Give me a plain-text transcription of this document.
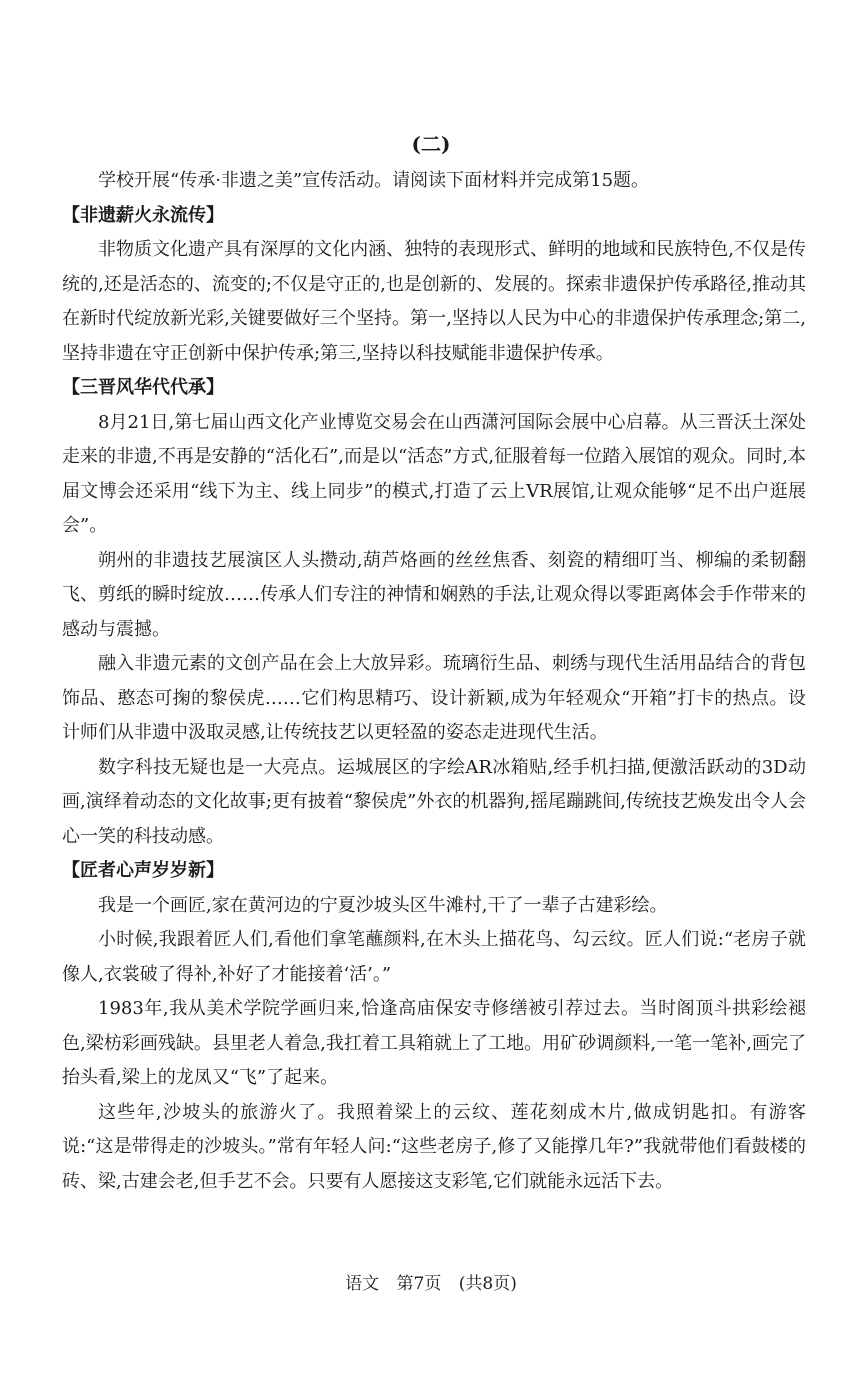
(二)

学校开展“传承·非遗之美”宣传活动。请阅读下面材料并完成第15题。

【非遗薪火永流传】

非物质文化遗产具有深厚的文化内涵、独特的表现形式、鲜明的地域和民族特色,不仅是传统的,还是活态的、流变的;不仅是守正的,也是创新的、发展的。探索非遗保护传承路径,推动其在新时代绽放新光彩,关键要做好三个坚持。第一,坚持以人民为中心的非遗保护传承理念;第二,坚持非遗在守正创新中保护传承;第三,坚持以科技赋能非遗保护传承。

【三晋风华代代承】

8月21日,第七届山西文化产业博览交易会在山西潇河国际会展中心启幕。从三晋沃土深处走来的非遗,不再是安静的“活化石”,而是以“活态”方式,征服着每一位踏入展馆的观众。同时,本届文博会还采用“线下为主、线上同步”的模式,打造了云上VR展馆,让观众能够“足不出户逛展会”。

朔州的非遗技艺展演区人头攒动,葫芦烙画的丝丝焦香、刻瓷的精细叮当、柳编的柔韧翻飞、剪纸的瞬时绽放……传承人们专注的神情和娴熟的手法,让观众得以零距离体会手作带来的感动与震撼。

融入非遗元素的文创产品在会上大放异彩。琉璃衍生品、刺绣与现代生活用品结合的背包饰品、憨态可掬的黎侯虎……它们构思精巧、设计新颖,成为年轻观众“开箱”打卡的热点。设计师们从非遗中汲取灵感,让传统技艺以更轻盈的姿态走进现代生活。

数字科技无疑也是一大亮点。运城展区的字绘AR冰箱贴,经手机扫描,便激活跃动的3D动画,演绎着动态的文化故事;更有披着“黎侯虎”外衣的机器狗,摇尾蹦跳间,传统技艺焕发出令人会心一笑的科技动感。

【匠者心声岁岁新】

我是一个画匠,家在黄河边的宁夏沙坡头区牛滩村,干了一辈子古建彩绘。

小时候,我跟着匠人们,看他们拿笔蘸颜料,在木头上描花鸟、勾云纹。匠人们说:“老房子就像人,衣裳破了得补,补好了才能接着‘活’。”

1983年,我从美术学院学画归来,恰逢高庙保安寺修缮被引荐过去。当时阁顶斗拱彩绘褪色,梁枋彩画残缺。县里老人着急,我扛着工具箱就上了工地。用矿砂调颜料,一笔一笔补,画完了抬头看,梁上的龙凤又“飞”了起来。

这些年,沙坡头的旅游火了。我照着梁上的云纹、莲花刻成木片,做成钥匙扣。有游客说:“这是带得走的沙坡头。”常有年轻人问:“这些老房子,修了又能撑几年?”我就带他们看鼓楼的砖、梁,古建会老,但手艺不会。只要有人愿接这支彩笔,它们就能永远活下去。

语文 第7页 (共8页)
